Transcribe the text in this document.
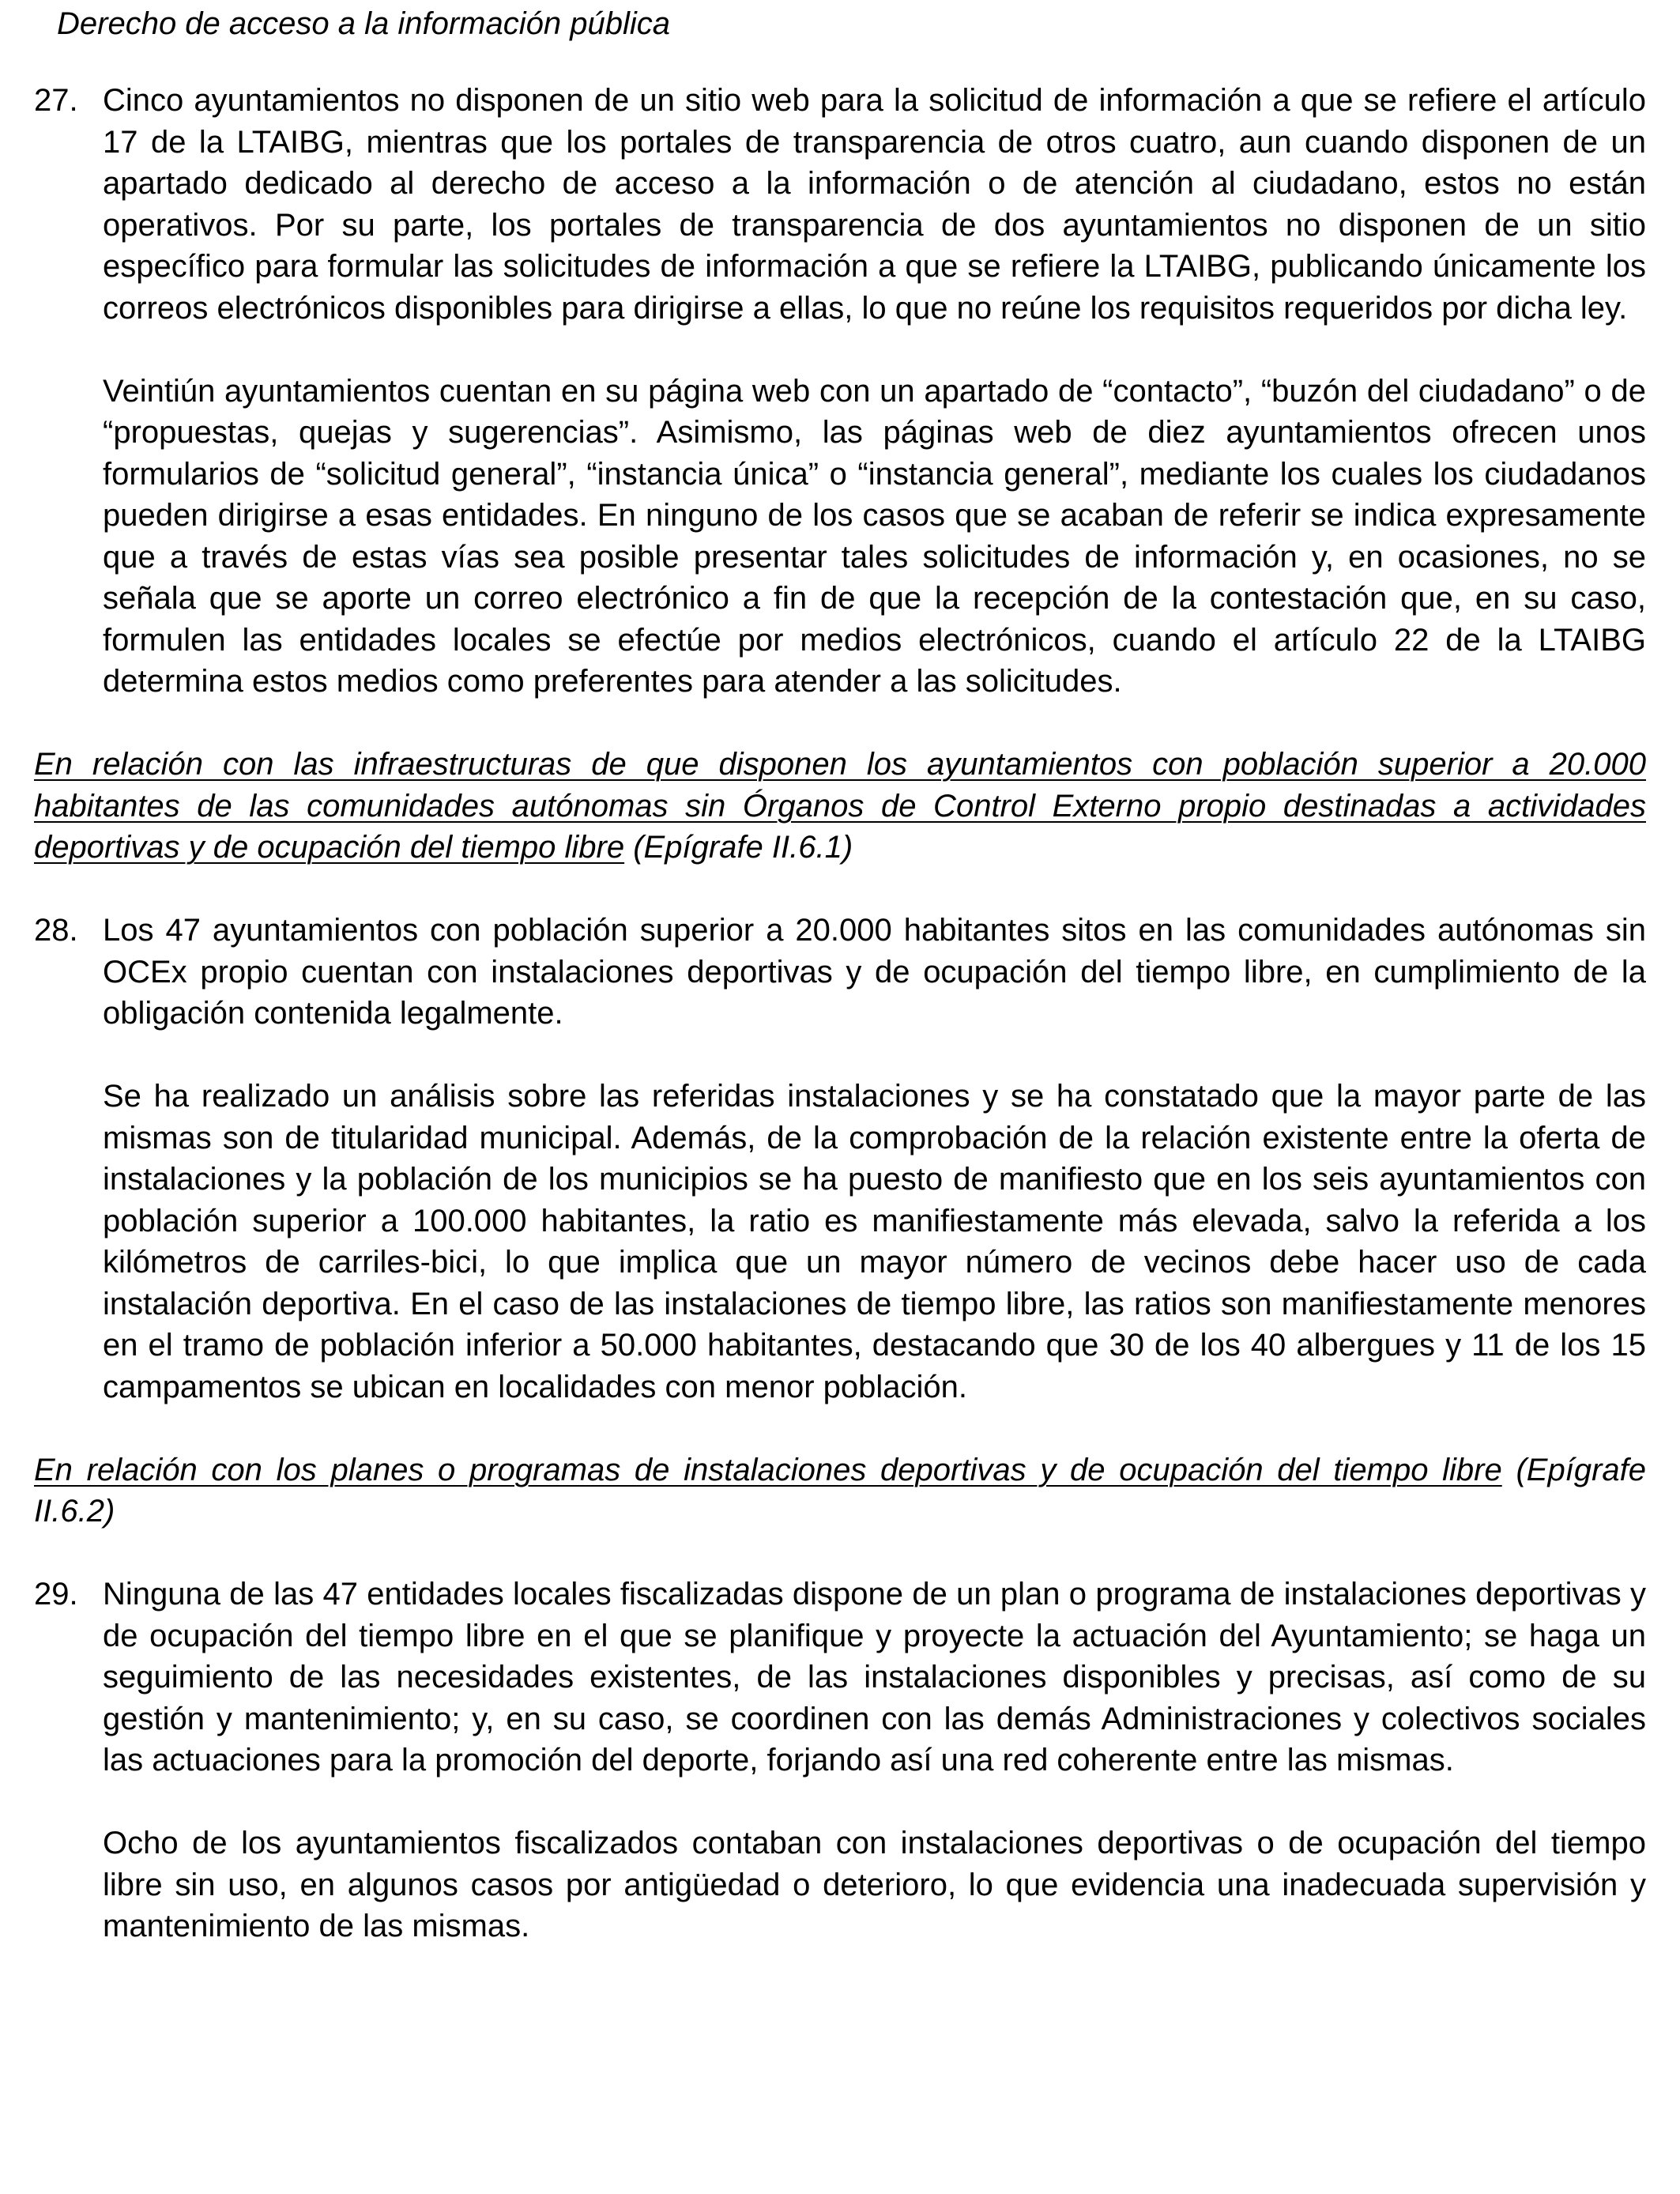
Derecho de acceso a la información pública
27. Cinco ayuntamientos no disponen de un sitio web para la solicitud de información a que se refiere el artículo 17 de la LTAIBG, mientras que los portales de transparencia de otros cuatro, aun cuando disponen de un apartado dedicado al derecho de acceso a la información o de atención al ciudadano, estos no están operativos. Por su parte, los portales de transparencia de dos ayuntamientos no disponen de un sitio específico para formular las solicitudes de información a que se refiere la LTAIBG, publicando únicamente los correos electrónicos disponibles para dirigirse a ellas, lo que no reúne los requisitos requeridos por dicha ley.

Veintiún ayuntamientos cuentan en su página web con un apartado de “contacto”, “buzón del ciudadano” o de “propuestas, quejas y sugerencias”. Asimismo, las páginas web de diez ayuntamientos ofrecen unos formularios de “solicitud general”, “instancia única” o “instancia general”, mediante los cuales los ciudadanos pueden dirigirse a esas entidades. En ninguno de los casos que se acaban de referir se indica expresamente que a través de estas vías sea posible presentar tales solicitudes de información y, en ocasiones, no se señala que se aporte un correo electrónico a fin de que la recepción de la contestación que, en su caso, formulen las entidades locales se efectúe por medios electrónicos, cuando el artículo 22 de la LTAIBG determina estos medios como preferentes para atender a las solicitudes.

En relación con las infraestructuras de que disponen los ayuntamientos con población superior a 20.000 habitantes de las comunidades autónomas sin Órganos de Control Externo propio destinadas a actividades deportivas y de ocupación del tiempo libre (Epígrafe II.6.1)

28. Los 47 ayuntamientos con población superior a 20.000 habitantes sitos en las comunidades autónomas sin OCEx propio cuentan con instalaciones deportivas y de ocupación del tiempo libre, en cumplimiento de la obligación contenida legalmente.

Se ha realizado un análisis sobre las referidas instalaciones y se ha constatado que la mayor parte de las mismas son de titularidad municipal. Además, de la comprobación de la relación existente entre la oferta de instalaciones y la población de los municipios se ha puesto de manifiesto que en los seis ayuntamientos con población superior a 100.000 habitantes, la ratio es manifiestamente más elevada, salvo la referida a los kilómetros de carriles-bici, lo que implica que un mayor número de vecinos debe hacer uso de cada instalación deportiva. En el caso de las instalaciones de tiempo libre, las ratios son manifiestamente menores en el tramo de población inferior a 50.000 habitantes, destacando que 30 de los 40 albergues y 11 de los 15 campamentos se ubican en localidades con menor población.

En relación con los planes o programas de instalaciones deportivas y de ocupación del tiempo libre (Epígrafe II.6.2)

29. Ninguna de las 47 entidades locales fiscalizadas dispone de un plan o programa de instalaciones deportivas y de ocupación del tiempo libre en el que se planifique y proyecte la actuación del Ayuntamiento; se haga un seguimiento de las necesidades existentes, de las instalaciones disponibles y precisas, así como de su gestión y mantenimiento; y, en su caso, se coordinen con las demás Administraciones y colectivos sociales las actuaciones para la promoción del deporte, forjando así una red coherente entre las mismas.

Ocho de los ayuntamientos fiscalizados contaban con instalaciones deportivas o de ocupación del tiempo libre sin uso, en algunos casos por antigüedad o deterioro, lo que evidencia una inadecuada supervisión y mantenimiento de las mismas.
